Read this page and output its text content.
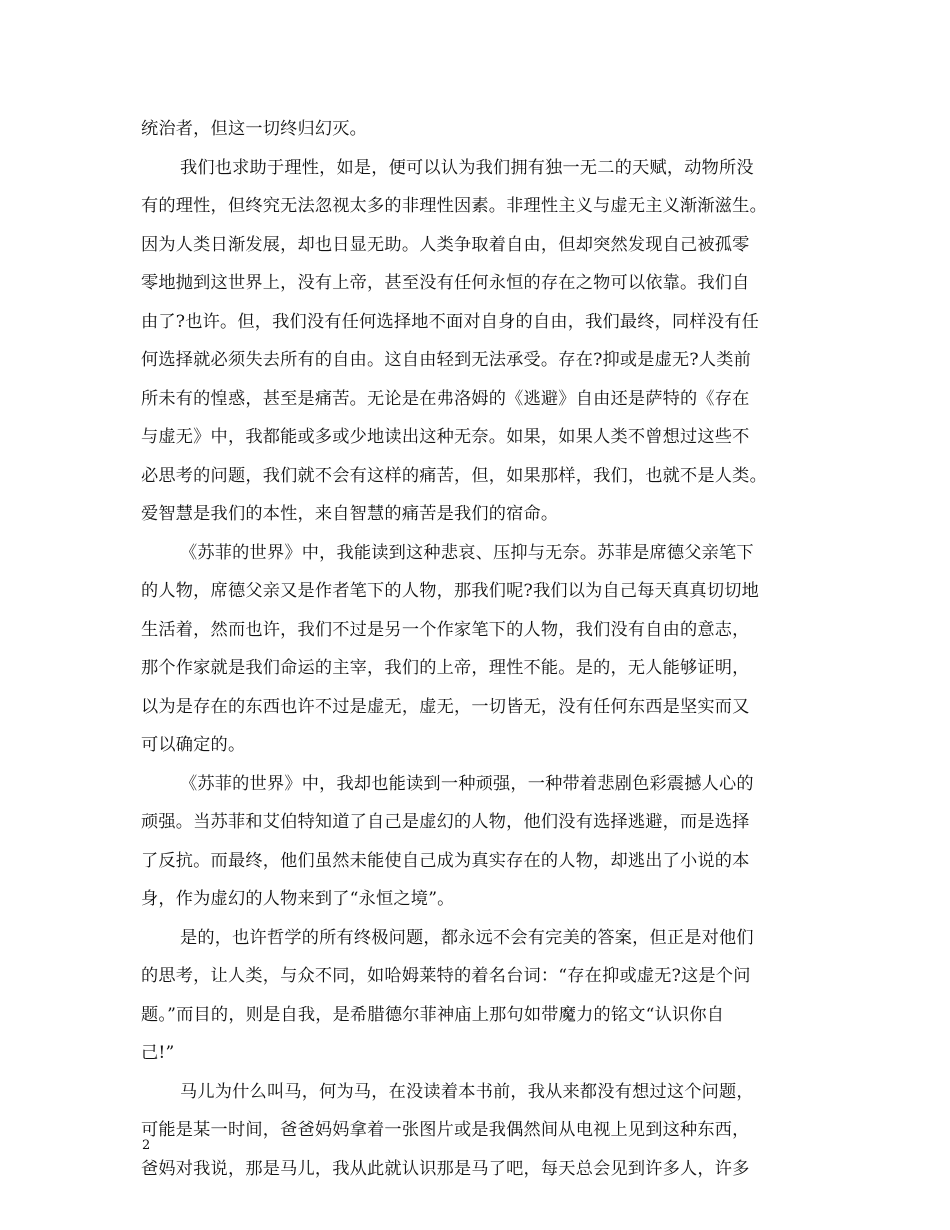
统治者，但这一切终归幻灭。
我们也求助于理性，如是，便可以认为我们拥有独一无二的天赋，动物所没
有的理性，但终究无法忽视太多的非理性因素。非理性主义与虚无主义渐渐滋生。
因为人类日渐发展，却也日显无助。人类争取着自由，但却突然发现自己被孤零
零地抛到这世界上，没有上帝，甚至没有任何永恒的存在之物可以依靠。我们自
由了?也许。但，我们没有任何选择地不面对自身的自由，我们最终，同样没有任
何选择就必须失去所有的自由。这自由轻到无法承受。存在?抑或是虚无?人类前
所未有的惶惑，甚至是痛苦。无论是在弗洛姆的《逃避》自由还是萨特的《存在
与虚无》中，我都能或多或少地读出这种无奈。如果，如果人类不曾想过这些不
必思考的问题，我们就不会有这样的痛苦，但，如果那样，我们，也就不是人类。
爱智慧是我们的本性，来自智慧的痛苦是我们的宿命。
《苏菲的世界》中，我能读到这种悲哀、压抑与无奈。苏菲是席德父亲笔下
的人物，席德父亲又是作者笔下的人物，那我们呢?我们以为自己每天真真切切地
生活着，然而也许，我们不过是另一个作家笔下的人物，我们没有自由的意志，
那个作家就是我们命运的主宰，我们的上帝，理性不能。是的，无人能够证明，
以为是存在的东西也许不过是虚无，虚无，一切皆无，没有任何东西是坚实而又
可以确定的。
《苏菲的世界》中，我却也能读到一种顽强，一种带着悲剧色彩震撼人心的
顽强。当苏菲和艾伯特知道了自己是虚幻的人物，他们没有选择逃避，而是选择
了反抗。而最终，他们虽然未能使自己成为真实存在的人物，却逃出了小说的本
身，作为虚幻的人物来到了“永恒之境”。
是的，也许哲学的所有终极问题，都永远不会有完美的答案，但正是对他们
的思考，让人类，与众不同，如哈姆莱特的着名台词：“存在抑或虚无?这是个问
题。”而目的，则是自我，是希腊德尔菲神庙上那句如带魔力的铭文“认识你自
己!”
马儿为什么叫马，何为马，在没读着本书前，我从来都没有想过这个问题，
可能是某一时间，爸爸妈妈拿着一张图片或是我偶然间从电视上见到这种东西，
爸妈对我说，那是马儿，我从此就认识那是马了吧，每天总会见到许多人，许多
2
